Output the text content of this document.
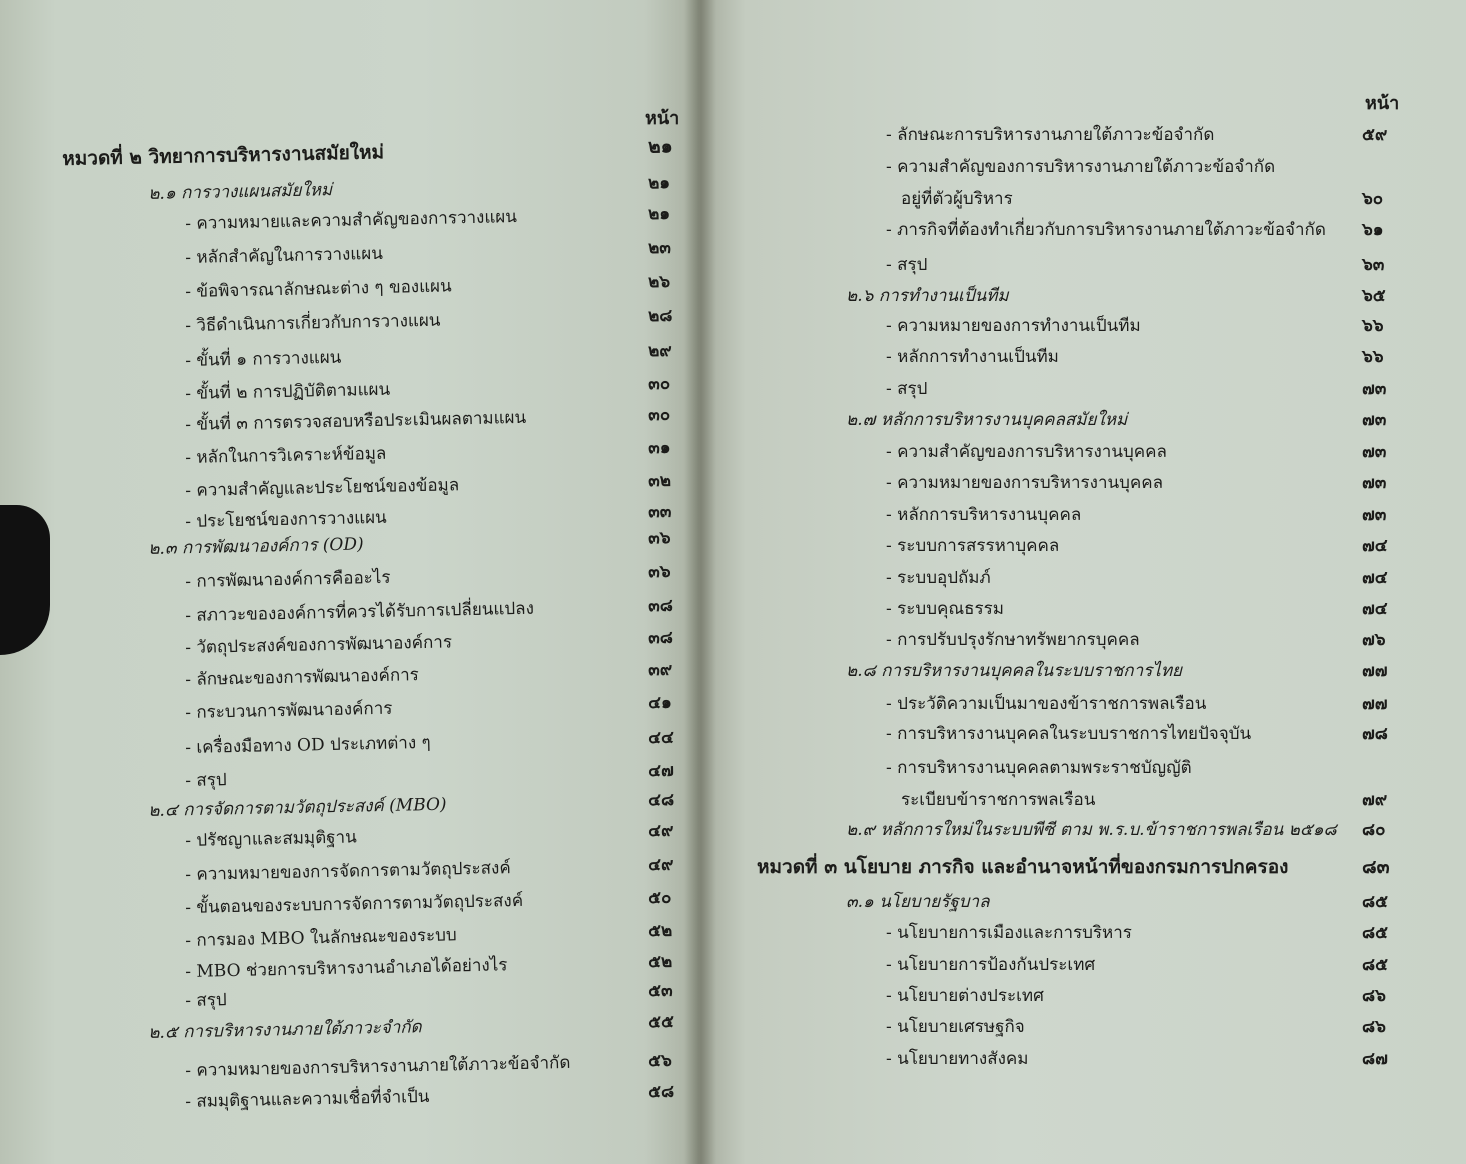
หน้า
หมวดที่ ๒ วิทยาการบริหารงานสมัยใหม่	๒๑
๒.๑ การวางแผนสมัยใหม่	๒๑
- ความหมายและความสำคัญของการวางแผน	๒๑
- หลักสำคัญในการวางแผน	๒๓
- ข้อพิจารณาลักษณะต่าง ๆ ของแผน	๒๖
- วิธีดำเนินการเกี่ยวกับการวางแผน	๒๘
- ขั้นที่ ๑ การวางแผน	๒๙
- ขั้นที่ ๒ การปฏิบัติตามแผน	๓๐
- ขั้นที่ ๓ การตรวจสอบหรือประเมินผลตามแผน	๓๐
- หลักในการวิเคราะห์ข้อมูล	๓๑
- ความสำคัญและประโยชน์ของข้อมูล	๓๒
- ประโยชน์ของการวางแผน	๓๓
๒.๓ การพัฒนาองค์การ (OD)	๓๖
- การพัฒนาองค์การคืออะไร	๓๖
- สภาวะขององค์การที่ควรได้รับการเปลี่ยนแปลง	๓๘
- วัตถุประสงค์ของการพัฒนาองค์การ	๓๘
- ลักษณะของการพัฒนาองค์การ	๓๙
- กระบวนการพัฒนาองค์การ	๔๑
- เครื่องมือทาง OD ประเภทต่าง ๆ	๔๔
- สรุป	๔๗
๒.๔ การจัดการตามวัตถุประสงค์ (MBO)	๔๘
- ปรัชญาและสมมุติฐาน	๔๙
- ความหมายของการจัดการตามวัตถุประสงค์	๔๙
- ขั้นตอนของระบบการจัดการตามวัตถุประสงค์	๕๐
- การมอง MBO ในลักษณะของระบบ	๕๒
- MBO ช่วยการบริหารงานอำเภอได้อย่างไร	๕๒
- สรุป	๕๓
๒.๕ การบริหารงานภายใต้ภาวะจำกัด	๕๕
- ความหมายของการบริหารงานภายใต้ภาวะข้อจำกัด	๕๖
- สมมุติฐานและความเชื่อที่จำเป็น	๕๘
หน้า
- ลักษณะการบริหารงานภายใต้ภาวะข้อจำกัด	๕๙
- ความสำคัญของการบริหารงานภายใต้ภาวะข้อจำกัด
อยู่ที่ตัวผู้บริหาร	๖๐
- ภารกิจที่ต้องทำเกี่ยวกับการบริหารงานภายใต้ภาวะข้อจำกัด ๖๑
- สรุป	๖๓
๒.๖ การทำงานเป็นทีม	๖๕
- ความหมายของการทำงานเป็นทีม	๖๖
- หลักการทำงานเป็นทีม	๖๖
- สรุป	๗๓
๒.๗ หลักการบริหารงานบุคคลสมัยใหม่	๗๓
- ความสำคัญของการบริหารงานบุคคล	๗๓
- ความหมายของการบริหารงานบุคคล	๗๓
- หลักการบริหารงานบุคคล	๗๓
- ระบบการสรรหาบุคคล	๗๔
- ระบบอุปถัมภ์	๗๔
- ระบบคุณธรรม	๗๔
- การปรับปรุงรักษาทรัพยากรบุคคล	๗๖
๒.๘ การบริหารงานบุคคลในระบบราชการไทย	๗๗
- ประวัติความเป็นมาของข้าราชการพลเรือน	๗๗
- การบริหารงานบุคคลในระบบราชการไทยปัจจุบัน	๗๘
- การบริหารงานบุคคลตามพระราชบัญญัติ
ระเบียบข้าราชการพลเรือน	๗๙
๒.๙ หลักการใหม่ในระบบพีซี ตาม พ.ร.บ.ข้าราชการพลเรือน ๒๕๑๘ ๘๐
หมวดที่ ๓ นโยบาย ภารกิจ และอำนาจหน้าที่ของกรมการปกครอง	๘๓
๓.๑ นโยบายรัฐบาล	๘๕
- นโยบายการเมืองและการบริหาร	๘๕
- นโยบายการป้องกันประเทศ	๘๕
- นโยบายต่างประเทศ	๘๖
- นโยบายเศรษฐกิจ	๘๖
- นโยบายทางสังคม	๘๗
